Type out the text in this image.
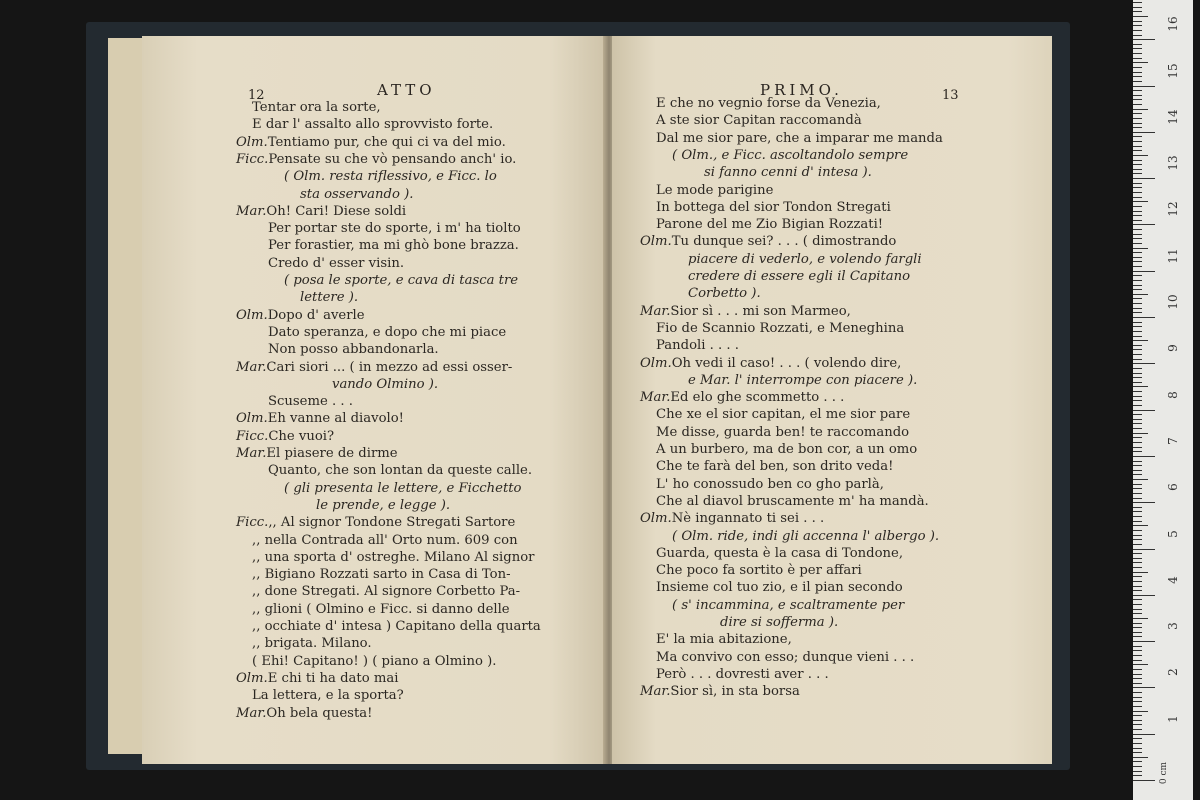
12	ATTO
Tentar ora la sorte,
E dar l' assalto allo sprovvisto forte.
Olm.Tentiamo pur, che qui ci va del mio.
Ficc.Pensate su che vò pensando anch' io.
( Olm. resta riflessivo, e Ficc. lo
sta osservando ).
Mar.Oh! Cari! Diese soldi
Per portar ste do sporte, i m' ha tiolto
Per forastier, ma mi ghò bone brazza.
Credo d' esser visin.
( posa le sporte, e cava di tasca tre
lettere ).
Olm.Dopo d' averle
Dato speranza, e dopo che mi piace
Non posso abbandonarla.
Mar.Cari siori ... ( in mezzo ad essi osser-
vando Olmino ).
Scuseme . . .
Olm.Eh vanne al diavolo!
Ficc.Che vuoi?
Mar.El piasere de dirme
Quanto, che son lontan da queste calle.
( gli presenta le lettere, e Ficchetto
le prende, e legge ).
Ficc.,, Al signor Tondone Stregati Sartore
,, nella Contrada all' Orto num. 609 con
,, una sporta d' ostreghe. Milano Al signor
,, Bigiano Rozzati sarto in Casa di Ton-
,, done Stregati. Al signore Corbetto Pa-
,, glioni ( Olmino e Ficc. si danno delle
,, occhiate d' intesa ) Capitano della quarta
,, brigata. Milano.
( Ehi! Capitano! ) ( piano a Olmino ).
Olm.E chi ti ha dato mai
La lettera, e la sporta?
Mar.Oh bela questa!
PRIMO.	13
E che no vegnio forse da Venezia,
A ste sior Capitan raccomandà
Dal me sior pare, che a imparar me manda
( Olm., e Ficc. ascoltandolo sempre
si fanno cenni d' intesa ).
Le mode parigine
In bottega del sior Tondon Stregati
Parone del me Zio Bigian Rozzati!
Olm.Tu dunque sei? . . . ( dimostrando
piacere di vederlo, e volendo fargli
credere di essere egli il Capitano
Corbetto ).
Mar.Sior sì . . . mi son Marmeo,
Fio de Scannio Rozzati, e Meneghina
Pandoli . . . .
Olm.Oh vedi il caso! . . . ( volendo dire,
e Mar. l' interrompe con piacere ).
Mar.Ed elo ghe scommetto . . .
Che xe el sior capitan, el me sior pare
Me disse, guarda ben! te raccomando
A un burbero, ma de bon cor, a un omo
Che te farà del ben, son drito veda!
L' ho conossudo ben co gho parlà,
Che al diavol bruscamente m' ha mandà.
Olm.Nè ingannato ti sei . . .
( Olm. ride, indi gli accenna l' albergo ).
Guarda, questa è la casa di Tondone,
Che poco fa sortito è per affari
Insieme col tuo zio, e il pian secondo
( s' incammina, e scaltramente per
dire si sofferma ).
E' la mia abitazione,
Ma convivo con esso; dunque vieni . . .
Però . . . dovresti aver . . .
Mar.Sior sì, in sta borsa
0 cm
1
2
3
4
5
6
7
8
9
10
11
12
13
14
15
16
